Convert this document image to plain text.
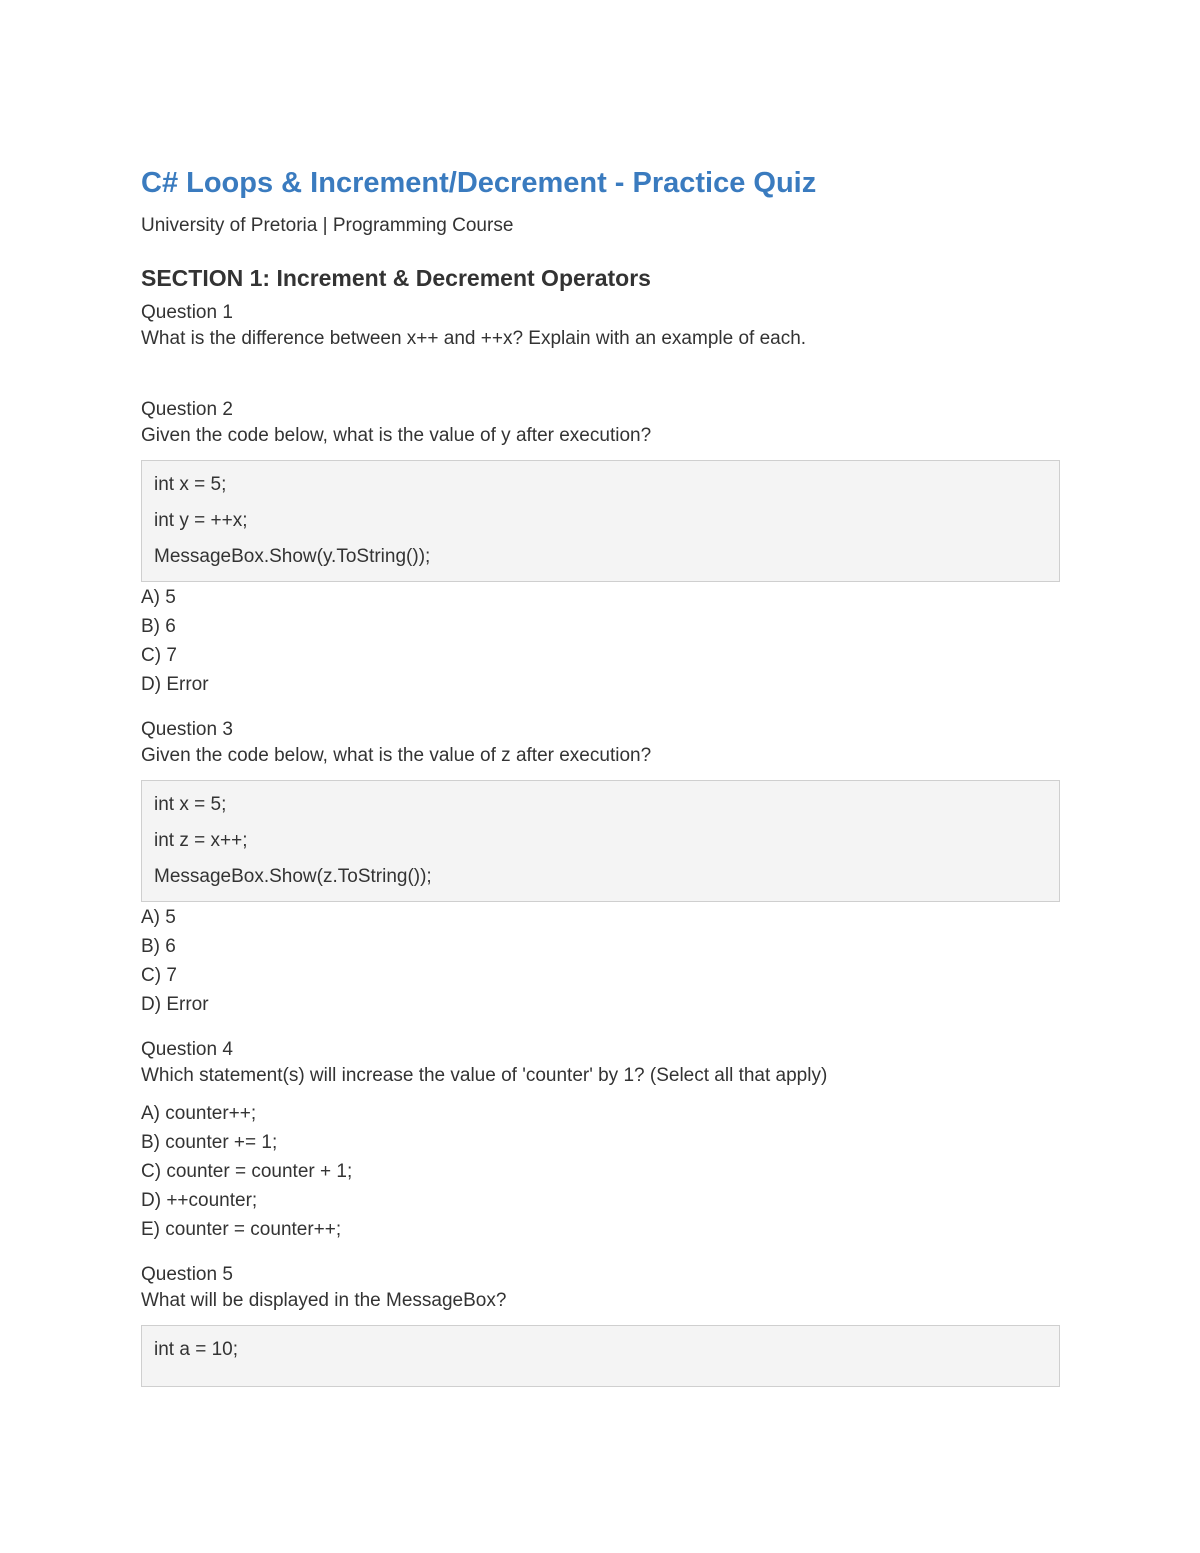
C# Loops & Increment/Decrement - Practice Quiz
University of Pretoria | Programming Course
SECTION 1: Increment & Decrement Operators
Question 1
What is the difference between x++ and ++x? Explain with an example of each.
Question 2
Given the code below, what is the value of y after execution?
int x = 5;
int y = ++x;
MessageBox.Show(y.ToString());
A) 5
B) 6
C) 7
D) Error
Question 3
Given the code below, what is the value of z after execution?
int x = 5;
int z = x++;
MessageBox.Show(z.ToString());
A) 5
B) 6
C) 7
D) Error
Question 4
Which statement(s) will increase the value of 'counter' by 1? (Select all that apply)
A) counter++;
B) counter += 1;
C) counter = counter + 1;
D) ++counter;
E) counter = counter++;
Question 5
What will be displayed in the MessageBox?
int a = 10;
